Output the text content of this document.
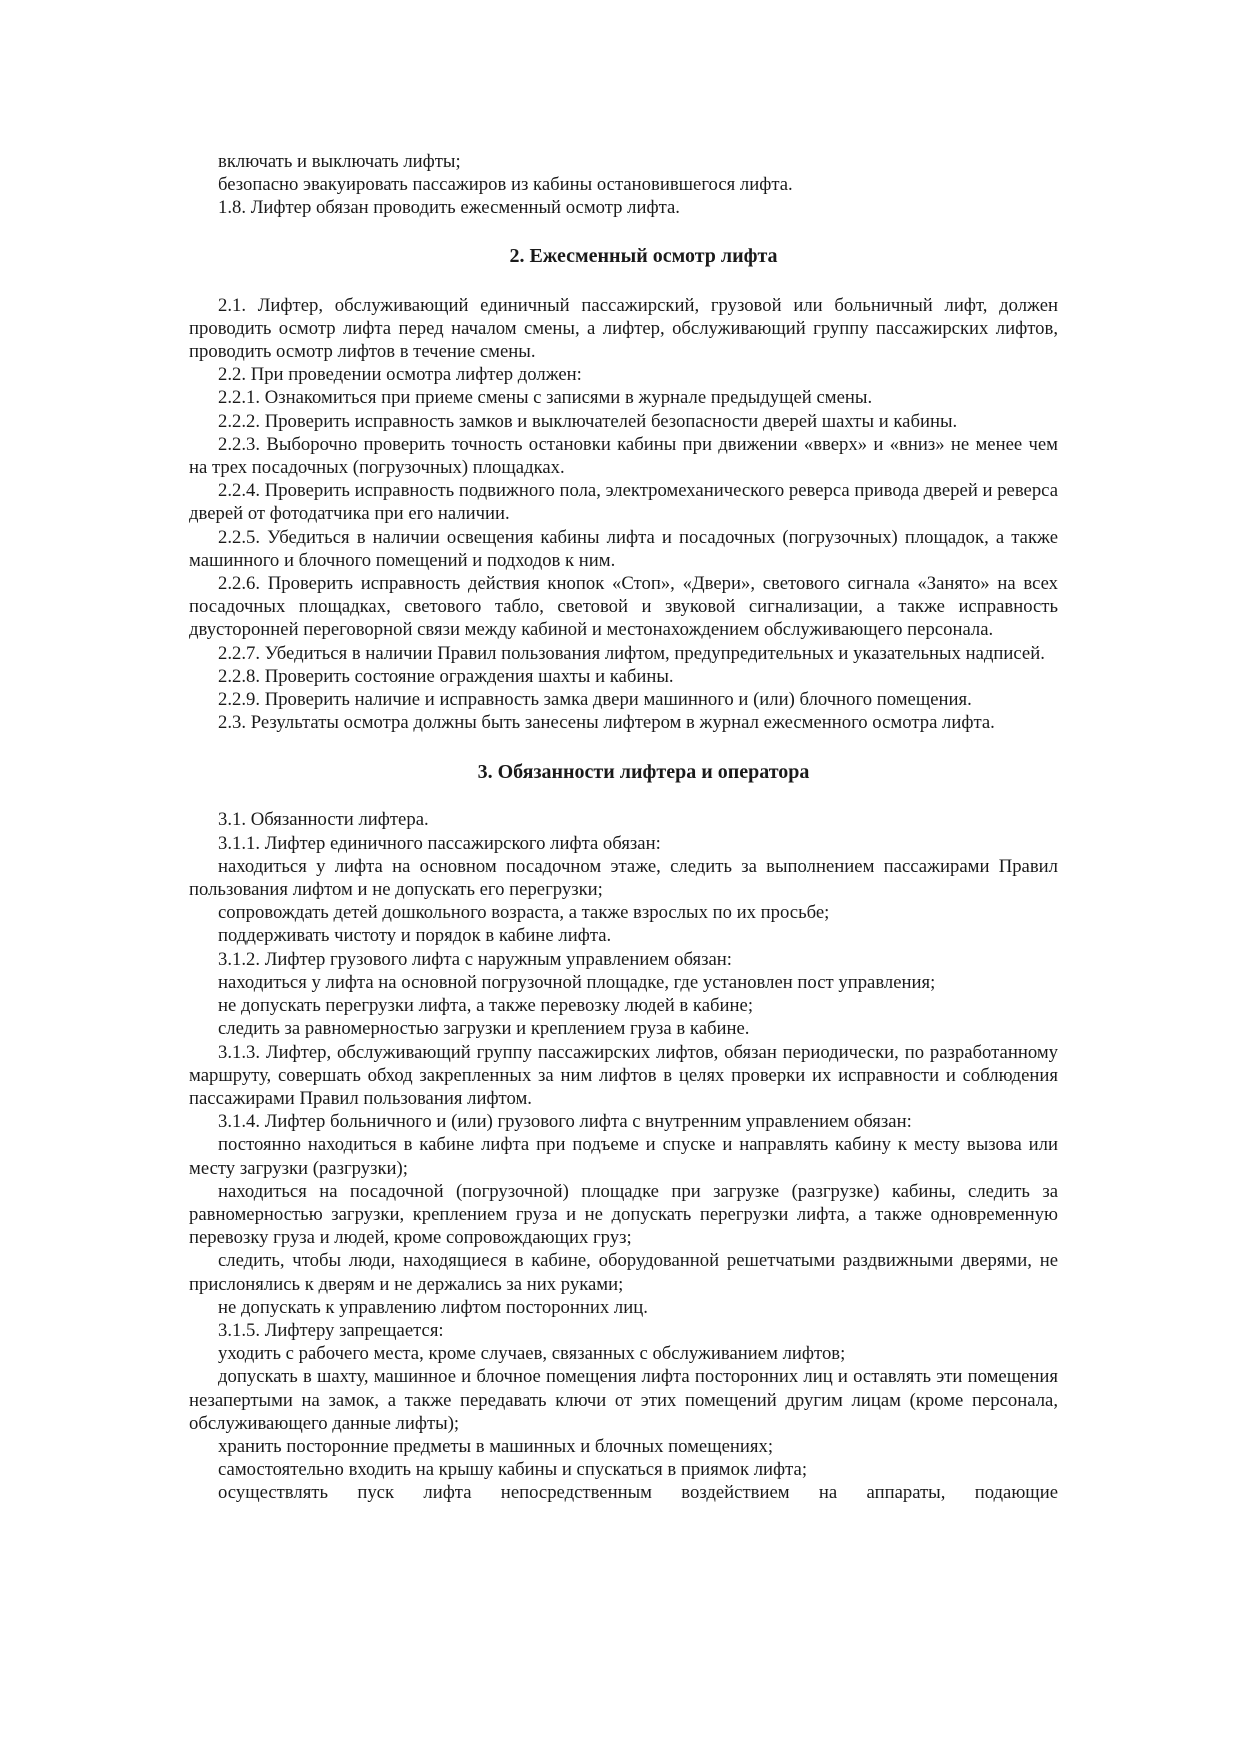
включать и выключать лифты;

безопасно эвакуировать пассажиров из кабины остановившегося лифта.

1.8. Лифтер обязан проводить ежесменный осмотр лифта.

2. Ежесменный осмотр лифта

2.1. Лифтер, обслуживающий единичный пассажирский, грузовой или больничный лифт, должен проводить осмотр лифта перед началом смены, а лифтер, обслуживающий группу пассажирских лифтов, проводить осмотр лифтов в течение смены.

2.2. При проведении осмотра лифтер должен:

2.2.1. Ознакомиться при приеме смены с записями в журнале предыдущей смены.

2.2.2. Проверить исправность замков и выключателей безопасности дверей шахты и кабины.

2.2.3. Выборочно проверить точность остановки кабины при движении «вверх» и «вниз» не менее чем на трех посадочных (погрузочных) площадках.

2.2.4. Проверить исправность подвижного пола, электромеханического реверса привода дверей и реверса дверей от фотодатчика при его наличии.

2.2.5. Убедиться в наличии освещения кабины лифта и посадочных (погрузочных) площадок, а также машинного и блочного помещений и подходов к ним.

2.2.6. Проверить исправность действия кнопок «Стоп», «Двери», светового сигнала «Занято» на всех посадочных площадках, светового табло, световой и звуковой сигнализации, а также исправность двусторонней переговорной связи между кабиной и местонахождением обслуживающего персонала.

2.2.7. Убедиться в наличии Правил пользования лифтом, предупредительных и указательных надписей.

2.2.8. Проверить состояние ограждения шахты и кабины.

2.2.9. Проверить наличие и исправность замка двери машинного и (или) блочного помещения.

2.3. Результаты осмотра должны быть занесены лифтером в журнал ежесменного осмотра лифта.

3. Обязанности лифтера и оператора

3.1. Обязанности лифтера.

3.1.1. Лифтер единичного пассажирского лифта обязан:

находиться у лифта на основном посадочном этаже, следить за выполнением пассажирами Правил пользования лифтом и не допускать его перегрузки;

сопровождать детей дошкольного возраста, а также взрослых по их просьбе;

поддерживать чистоту и порядок в кабине лифта.

3.1.2. Лифтер грузового лифта с наружным управлением обязан:

находиться у лифта на основной погрузочной площадке, где установлен пост управления;

не допускать перегрузки лифта, а также перевозку людей в кабине;

следить за равномерностью загрузки и креплением груза в кабине.

3.1.3. Лифтер, обслуживающий группу пассажирских лифтов, обязан периодически, по разработанному маршруту, совершать обход закрепленных за ним лифтов в целях проверки их исправности и соблюдения пассажирами Правил пользования лифтом.

3.1.4. Лифтер больничного и (или) грузового лифта с внутренним управлением обязан:

постоянно находиться в кабине лифта при подъеме и спуске и направлять кабину к месту вызова или месту загрузки (разгрузки);

находиться на посадочной (погрузочной) площадке при загрузке (разгрузке) кабины, следить за равномерностью загрузки, креплением груза и не допускать перегрузки лифта, а также одновременную перевозку груза и людей, кроме сопровождающих груз;

следить, чтобы люди, находящиеся в кабине, оборудованной решетчатыми раздвижными дверями, не прислонялись к дверям и не держались за них руками;

не допускать к управлению лифтом посторонних лиц.

3.1.5. Лифтеру запрещается:

уходить с рабочего места, кроме случаев, связанных с обслуживанием лифтов;

допускать в шахту, машинное и блочное помещения лифта посторонних лиц и оставлять эти помещения незапертыми на замок, а также передавать ключи от этих помещений другим лицам (кроме персонала, обслуживающего данные лифты);

хранить посторонние предметы в машинных и блочных помещениях;

самостоятельно входить на крышу кабины и спускаться в приямок лифта;

осуществлять пуск лифта непосредственным воздействием на аппараты, подающие
